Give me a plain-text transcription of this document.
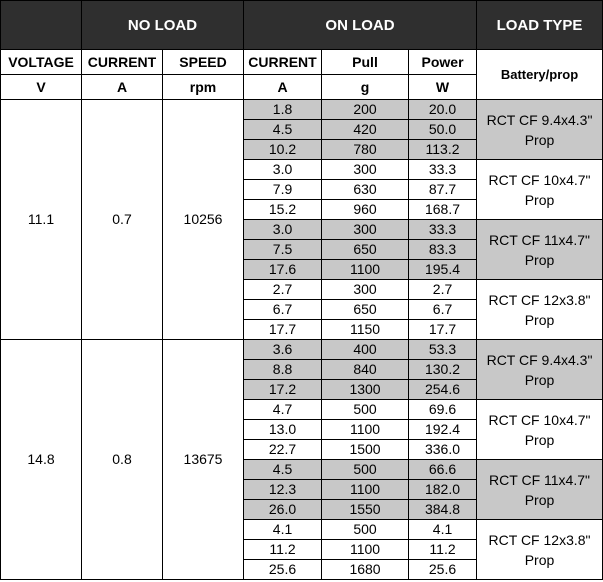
	NO LOAD		ON LOAD			LOAD TYPE
VOLTAGE	CURRENT	SPEED	CURRENT	Pull	Power	Battery/prop
V	A	rpm	A	g	W	
11.1	0.7	10256	1.8	200	20.0	RCT CF 9.4x4.3" Prop
			4.5	420	50.0	
			10.2	780	113.2	
			3.0	300	33.3	RCT CF 10x4.7" Prop
			7.9	630	87.7	
			15.2	960	168.7	
			3.0	300	33.3	RCT CF 11x4.7" Prop
			7.5	650	83.3	
			17.6	1100	195.4	
			2.7	300	2.7	RCT CF 12x3.8" Prop
			6.7	650	6.7	
			17.7	1150	17.7	
14.8	0.8	13675	3.6	400	53.3	RCT CF 9.4x4.3" Prop
			8.8	840	130.2	
			17.2	1300	254.6	
			4.7	500	69.6	RCT CF 10x4.7" Prop
			13.0	1100	192.4	
			22.7	1500	336.0	
			4.5	500	66.6	RCT CF 11x4.7" Prop
			12.3	1100	182.0	
			26.0	1550	384.8	
			4.1	500	4.1	RCT CF 12x3.8" Prop
			11.2	1100	11.2	
			25.6	1680	25.6	
